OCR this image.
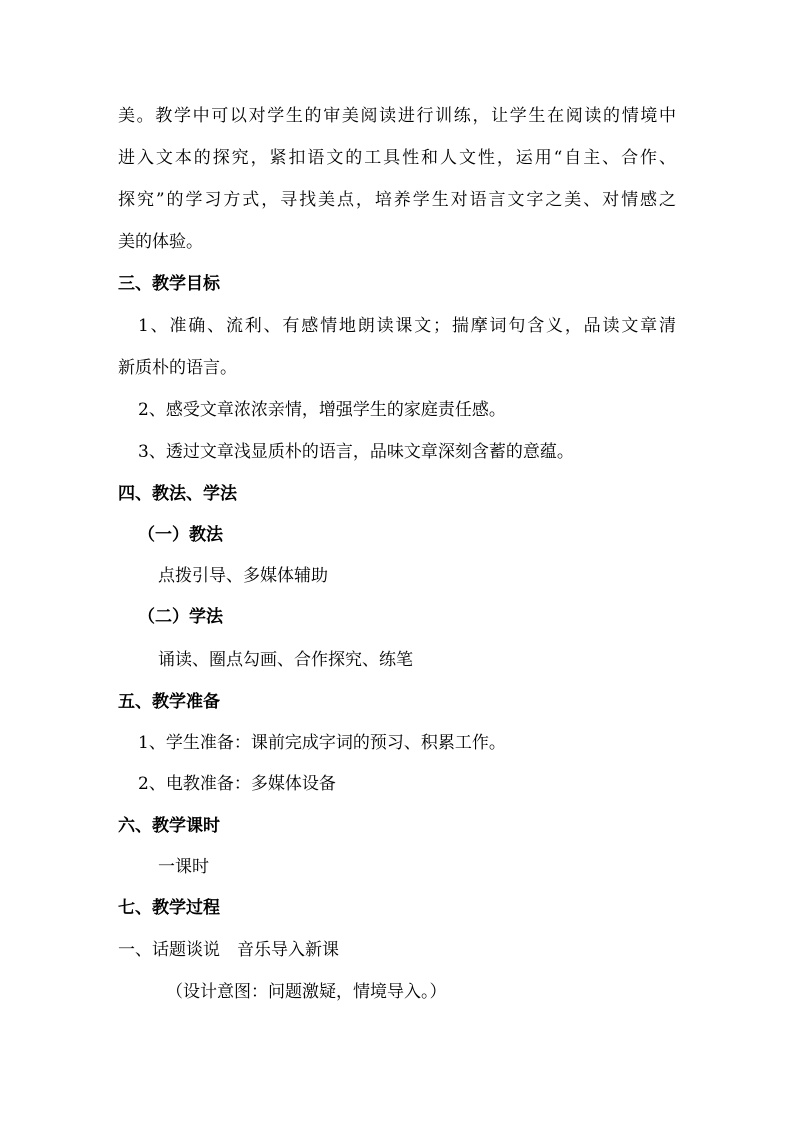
美。教学中可以对学生的审美阅读进行训练，让学生在阅读的情境中
进入文本的探究，紧扣语文的工具性和人文性，运用“自主、合作、
探究”的学习方式，寻找美点，培养学生对语言文字之美、对情感之
美的体验。
三、教学目标
1、准确、流利、有感情地朗读课文；揣摩词句含义，品读文章清
新质朴的语言。
2、感受文章浓浓亲情，增强学生的家庭责任感。
3、透过文章浅显质朴的语言，品味文章深刻含蓄的意蕴。
四、教法、学法
（一）教法
点拨引导、多媒体辅助
（二）学法
诵读、圈点勾画、合作探究、练笔
五、教学准备
1、学生准备：课前完成字词的预习、积累工作。
2、电教准备：多媒体设备
六、教学课时
一课时
七、教学过程
一、话题谈说　音乐导入新课
（设计意图：问题激疑，情境导入。）
